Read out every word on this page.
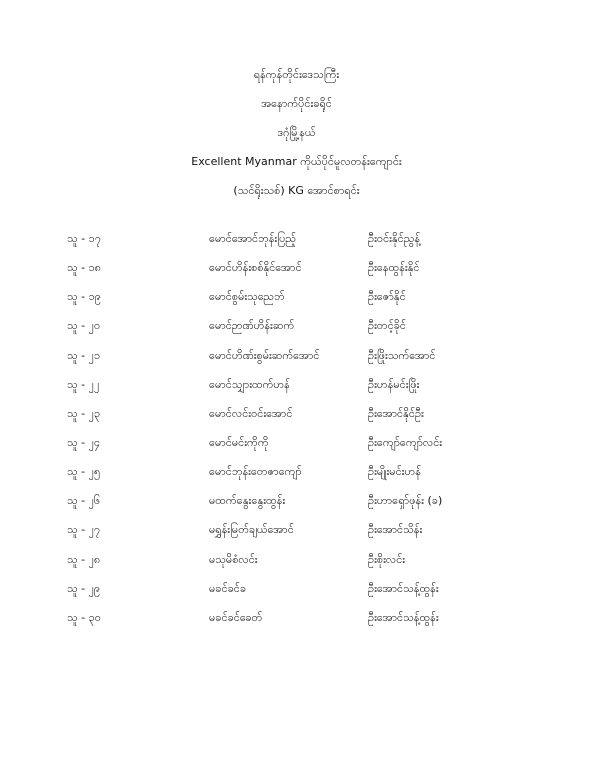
ရန်ကုန်တိုင်းဒေသကြီး
အနောက်ပိုင်းခရိုင်
ဒဂုံမြို့နယ်
Excellent Myanmar ကိုယ်ပိုင်မူလတန်းကျောင်း
(သင်ရိုးသစ်) KG အောင်စာရင်း
သူ - ၁၇	မောင်အောင်ဘုန်းပြည့်	ဦးဝင်းနိုင်ညွန့်
သူ - ၁၈	မောင်ဟိန်းစစ်နိုင်အောင်	ဦးနေထွန်းနိုင်
သူ - ၁၉	မောင်စွမ်းသုညေဘ်	ဦးဇော်နိုင်
သူ - ၂၀	မောင်ဉာဏ်ဟိန်းဆက်	ဦးတင့်ခိုင်
သူ - ၂၁	မောင်ဟိဏ်းစွမ်းဆက်အောင်	ဦးဖြိုးသက်အောင်
သူ - ၂၂	မောင်သျှားထက်ဟန်	ဦးဟန်မင်းဖြိုး
သူ - ၂၃	မောင်လင်းဝင်းအောင်	ဦးအောင်နိုင်ဦး
သူ - ၂၄	မောင်မင်းကိုကို	ဦးကျော်ကျော်လင်း
သူ - ၂၅	မောင်ဘုန်းတေဇာကျော်	ဦးမျိုးမင်းဟန်
သူ - ၂၆	မထက်နွေးနွေးထွန်း	ဦးဟာရှော်ဖုန်း (ခ)
သူ - ၂၇	မရွှန်းမြတ်ချယ်အောင်	ဦးအောင်သိန်း
သူ - ၂၈	မသုမိစံလင်း	ဦးစိုးလင်း
သူ - ၂၉	မခင်ခင်ခ	ဦးအောင်သန့်ထွန်း
သူ - ၃၀	မခင်ခင်ခေတ်	ဦးအောင်သန့်ထွန်း
